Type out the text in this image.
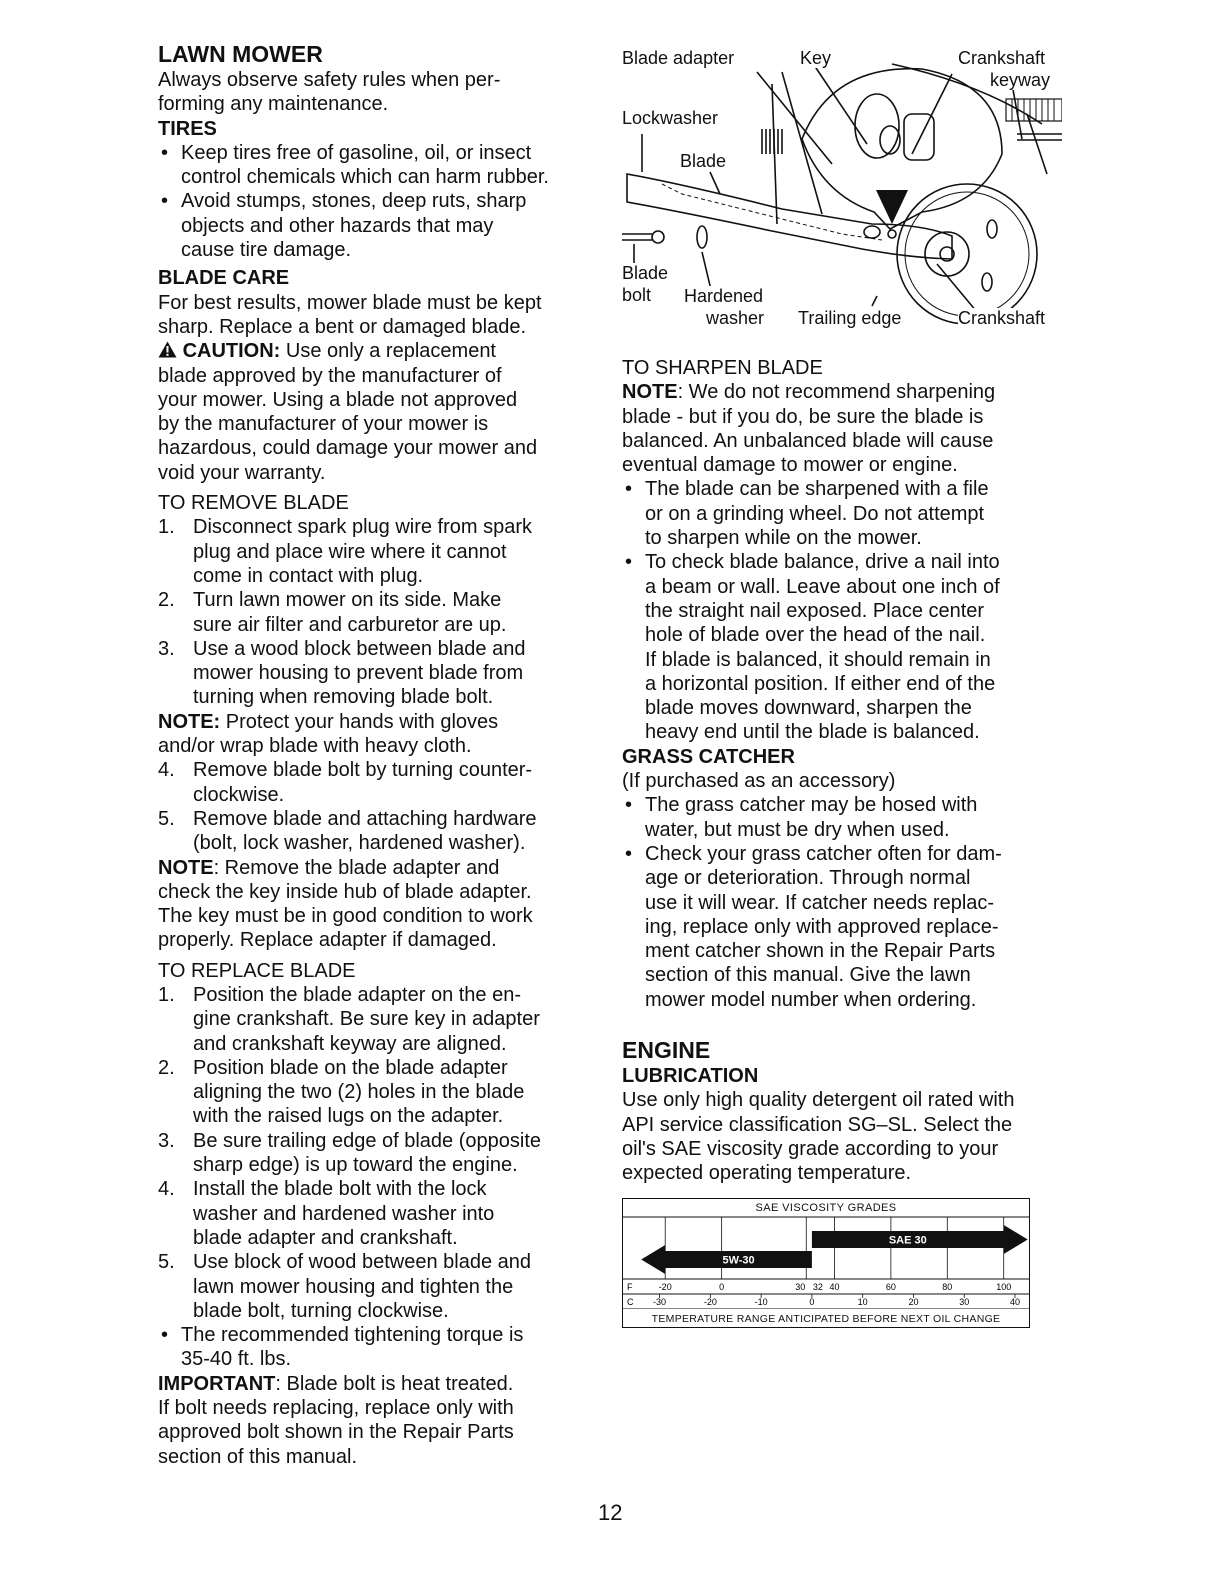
LAWN MOWER

Always observe safety rules when per-

forming any maintenance.

TIRES

• Keep tires free of gasoline, oil, or insect

control chemicals which can harm rubber.

• Avoid stumps, stones, deep ruts, sharp

objects and other hazards that may

cause tire damage.

BLADE CARE

For best results, mower blade must be kept

sharp. Replace a bent or damaged blade.

CAUTION: Use only a replacement

blade approved by the manufacturer of

your mower. Using a blade not approved

by the manufacturer of your mower is

hazardous, could damage your mower and

void your warranty.

TO REMOVE BLADE

1. Disconnect spark plug wire from spark

plug and place wire where it cannot

come in contact with plug.

2. Turn lawn mower on its side. Make

sure air filter and carburetor are up.

3. Use a wood block between blade and

mower housing to prevent blade from

turning when removing blade bolt.

NOTE: Protect your hands with gloves

and/or wrap blade with heavy cloth.

4. Remove blade bolt by turning counter-

clockwise.

5. Remove blade and attaching hardware

(bolt, lock washer, hardened washer).

NOTE: Remove the blade adapter and

check the key inside hub of blade adapter.

The key must be in good condition to work

properly. Replace adapter if damaged.

TO REPLACE BLADE

1. Position the blade adapter on the en-

gine crankshaft. Be sure key in adapter

and crankshaft keyway are aligned.

2. Position blade on the blade adapter

aligning the two (2) holes in the blade

with the raised lugs on the adapter.

3. Be sure trailing edge of blade (opposite

sharp edge) is up toward the engine.

4. Install the blade bolt with the lock

washer and hardened washer into

blade adapter and crankshaft.

5. Use block of wood between blade and

lawn mower housing and tighten the

blade bolt, turning clockwise.

• The recommended tightening torque is

35-40 ft. lbs.

IMPORTANT: Blade bolt is heat treated.

If bolt needs replacing, replace only with

approved bolt shown in the Repair Parts

section of this manual.

Blade adapter	Key	Crankshaft
keyway
Lockwasher
Blade
Blade
bolt Hardened
washer Trailing edge	Crankshaft

TO SHARPEN BLADE

NOTE: We do not recommend sharpening

blade - but if you do, be sure the blade is

balanced. An unbalanced blade will cause

eventual damage to mower or engine.

• The blade can be sharpened with a file

or on a grinding wheel. Do not attempt

to sharpen while on the mower.

• To check blade balance, drive a nail into

a beam or wall. Leave about one inch of

the straight nail exposed. Place center

hole of blade over the head of the nail.

If blade is balanced, it should remain in

a horizontal position. If either end of the

blade moves downward, sharpen the

heavy end until the blade is balanced.

GRASS CATCHER

(If purchased as an accessory)

• The grass catcher may be hosed with

water, but must be dry when used.

• Check your grass catcher often for dam-

age or deterioration. Through normal

use it will wear. If catcher needs replac-

ing, replace only with approved replace-

ment catcher shown in the Repair Parts

section of this manual. Give the lawn

mower model number when ordering.

ENGINE

LUBRICATION

Use only high quality detergent oil rated with

API service classification SG–SL. Select the

oil's SAE viscosity grade according to your

expected operating temperature.

SAE VISCOSITY GRADES
SAE 30
5W-30
F	-20	0	30 32 40	60	80	100
C -30	-20	-10	0	10	20	30	40
TEMPERATURE RANGE ANTICIPATED BEFORE NEXT OIL CHANGE
12
